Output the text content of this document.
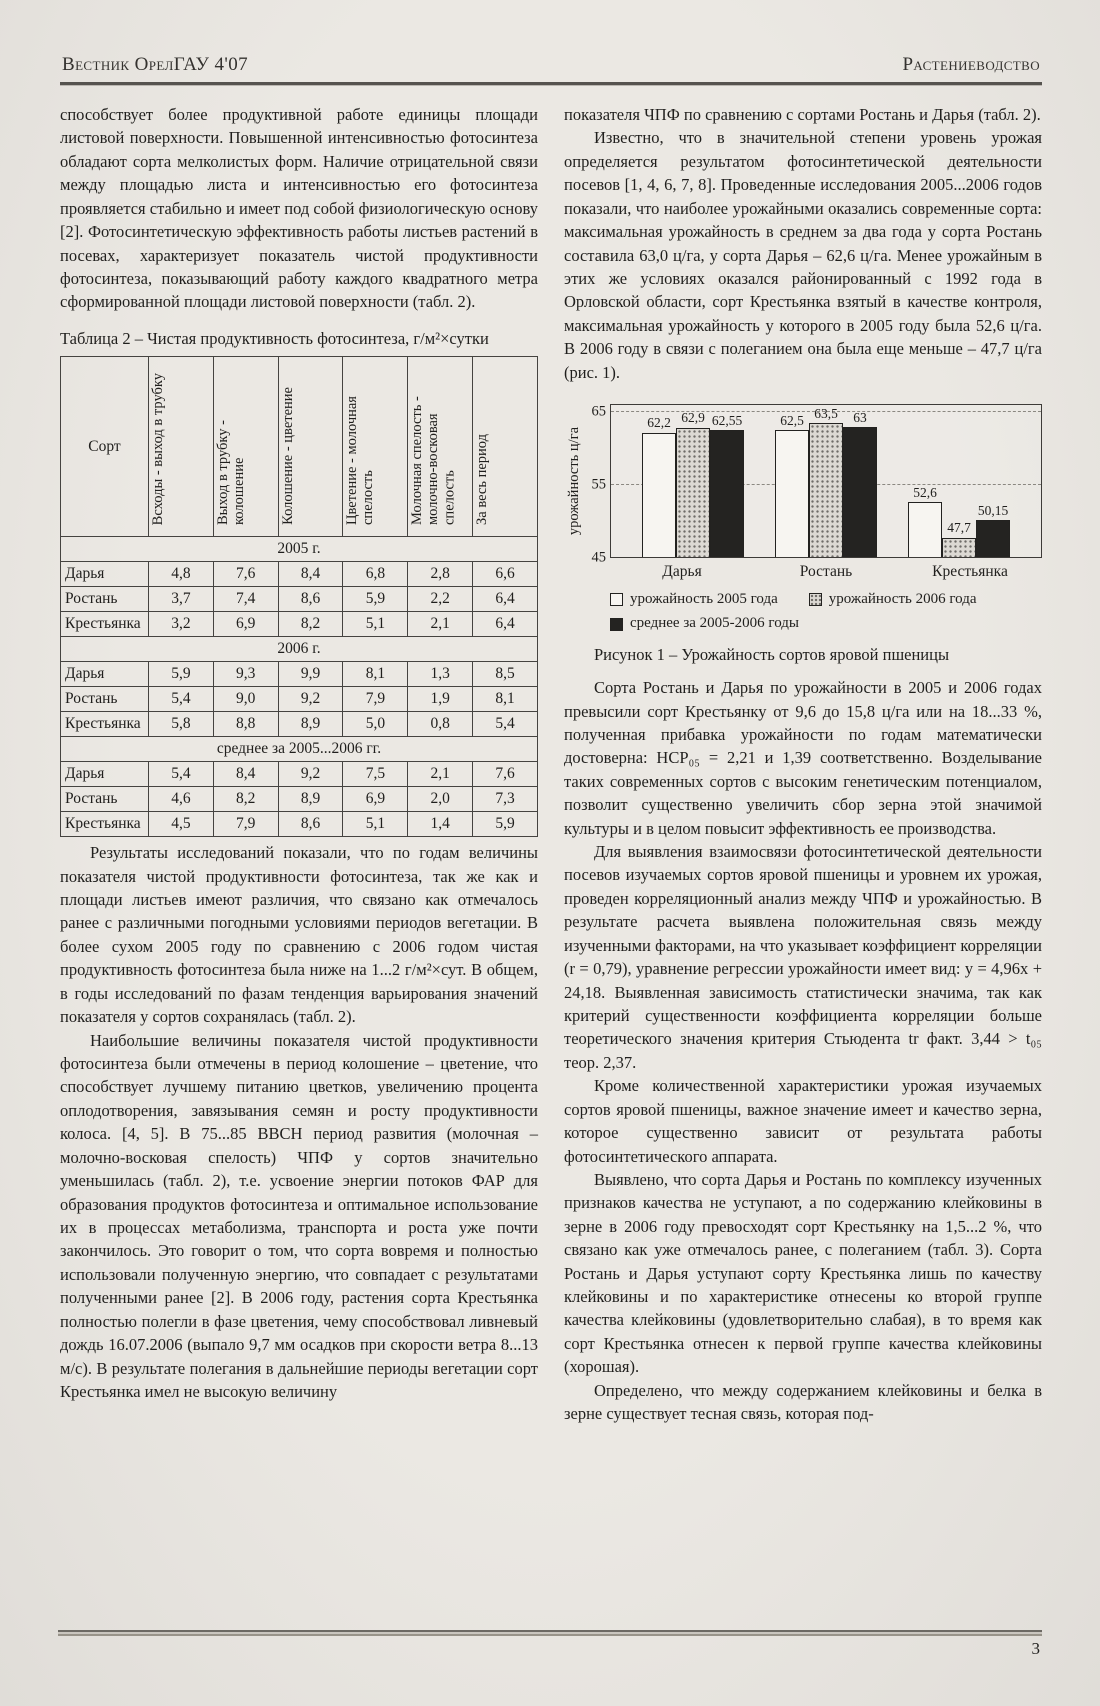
Вестник ОрелГАУ 4'07	Растениеводство

способствует более продуктивной работе единицы площади листовой поверхности. Повышенной интенсивностью фотосинтеза обладают сорта мелколистых форм. Наличие отрицательной связи между площадью листа и интенсивностью его фотосинтеза проявляется стабильно и имеет под собой физиологическую основу [2]. Фотосинтетическую эффективность работы листьев растений в посевах, характеризует показатель чистой продуктивности фотосинтеза, показывающий работу каждого квадратного метра сформированной площади листовой поверхности (табл. 2).

Таблица 2 – Чистая продуктивность фотосинтеза, г/м²×сутки
Сорт	Всходы - выход в трубку	Выход в трубку - колошение	Колошение - цветение	Цветение - молочная спелость	Молочная спелость - молочно-восковая спелость	За весь период
2005 г.						
Дарья	4,8	7,6	8,4	6,8	2,8	6,6
Ростань	3,7	7,4	8,6	5,9	2,2	6,4
Крестьянка	3,2	6,9	8,2	5,1	2,1	6,4
2006 г.						
Дарья	5,9	9,3	9,9	8,1	1,3	8,5
Ростань	5,4	9,0	9,2	7,9	1,9	8,1
Крестьянка	5,8	8,8	8,9	5,0	0,8	5,4
среднее за 2005...2006 гг.						
Дарья	5,4	8,4	9,2	7,5	2,1	7,6
Ростань	4,6	8,2	8,9	6,9	2,0	7,3
Крестьянка	4,5	7,9	8,6	5,1	1,4	5,9

Результаты исследований показали, что по годам величины показателя чистой продуктивности фотосинтеза, так же как и площади листьев имеют различия, что связано как отмечалось ранее с различными погодными условиями периодов вегетации. В более сухом 2005 году по сравнению с 2006 годом чистая продуктивность фотосинтеза была ниже на 1...2 г/м²×сут. В общем, в годы исследований по фазам тенденция варьирования значений показателя у сортов сохранялась (табл. 2).

Наибольшие величины показателя чистой продуктивности фотосинтеза были отмечены в период колошение – цветение, что способствует лучшему питанию цветков, увеличению процента оплодотворения, завязывания семян и росту продуктивности колоса. [4, 5]. В 75...85 ВВСН период развития (молочная – молочно-восковая спелость) ЧПФ у сортов значительно уменьшилась (табл. 2), т.е. усвоение энергии потоков ФАР для образования продуктов фотосинтеза и оптимальное использование их в процессах метаболизма, транспорта и роста уже почти закончилось. Это говорит о том, что сорта вовремя и полностью использовали полученную энергию, что совпадает с результатами полученными ранее [2]. В 2006 году, растения сорта Крестьянка полностью полегли в фазе цветения, чему способствовал ливневый дождь 16.07.2006 (выпало 9,7 мм осадков при скорости ветра 8...13 м/с). В результате полегания в дальнейшие периоды вегетации сорт Крестьянка имел не высокую величину

показателя ЧПФ по сравнению с сортами Ростань и Дарья (табл. 2).

Известно, что в значительной степени уровень урожая определяется результатом фотосинтетической деятельности посевов [1, 4, 6, 7, 8]. Проведенные исследования 2005...2006 годов показали, что наиболее урожайными оказались современные сорта: максимальная урожайность в среднем за два года у сорта Ростань составила 63,0 ц/га, у сорта Дарья – 62,6 ц/га. Менее урожайным в этих же условиях оказался районированный с 1992 года в Орловской области, сорт Крестьянка взятый в качестве контроля, максимальная урожайность у которого в 2005 году была 52,6 ц/га. В 2006 году в связи с полеганием она была еще меньше – 47,7 ц/га (рис. 1).

урожайность ц/га
45
55
65
62,2 62,9 62,55	62,5 63,5 63
52,6
47,7
50,15
Дарья	Ростань	Крестьянка
урожайность 2005 года	урожайность 2006 года
среднее за 2005-2006 годы
Рисунок 1 – Урожайность сортов яровой пшеницы

Сорта Ростань и Дарья по урожайности в 2005 и 2006 годах превысили сорт Крестьянку от 9,6 до 15,8 ц/га или на 18...33 %, полученная прибавка урожайности по годам математически достоверна: НСР₀₅ = 2,21 и 1,39 соответственно. Возделывание таких современных сортов с высоким генетическим потенциалом, позволит существенно увеличить сбор зерна этой значимой культуры и в целом повысит эффективность ее производства.

Для выявления взаимосвязи фотосинтетической деятельности посевов изучаемых сортов яровой пшеницы и уровнем их урожая, проведен корреляционный анализ между ЧПФ и урожайностью. В результате расчета выявлена положительная связь между изученными факторами, на что указывает коэффициент корреляции (r = 0,79), уравнение регрессии урожайности имеет вид: у = 4,96х + 24,18. Выявленная зависимость статистически значима, так как критерий существенности коэффициента корреляции больше теоретического значения критерия Стьюдента tr факт. 3,44 > t₀₅ теор. 2,37.

Кроме количественной характеристики урожая изучаемых сортов яровой пшеницы, важное значение имеет и качество зерна, которое существенно зависит от результата работы фотосинтетического аппарата.

Выявлено, что сорта Дарья и Ростань по комплексу изученных признаков качества не уступают, а по содержанию клейковины в зерне в 2006 году превосходят сорт Крестьянку на 1,5...2 %, что связано как уже отмечалось ранее, с полеганием (табл. 3). Сорта Ростань и Дарья уступают сорту Крестьянка лишь по качеству клейковины и по характеристике отнесены ко второй группе качества клейковины (удовлетворительно слабая), в то время как сорт Крестьянка отнесен к первой группе качества клейковины (хорошая).

Определено, что между содержанием клейковины и белка в зерне существует тесная связь, которая под-

3
